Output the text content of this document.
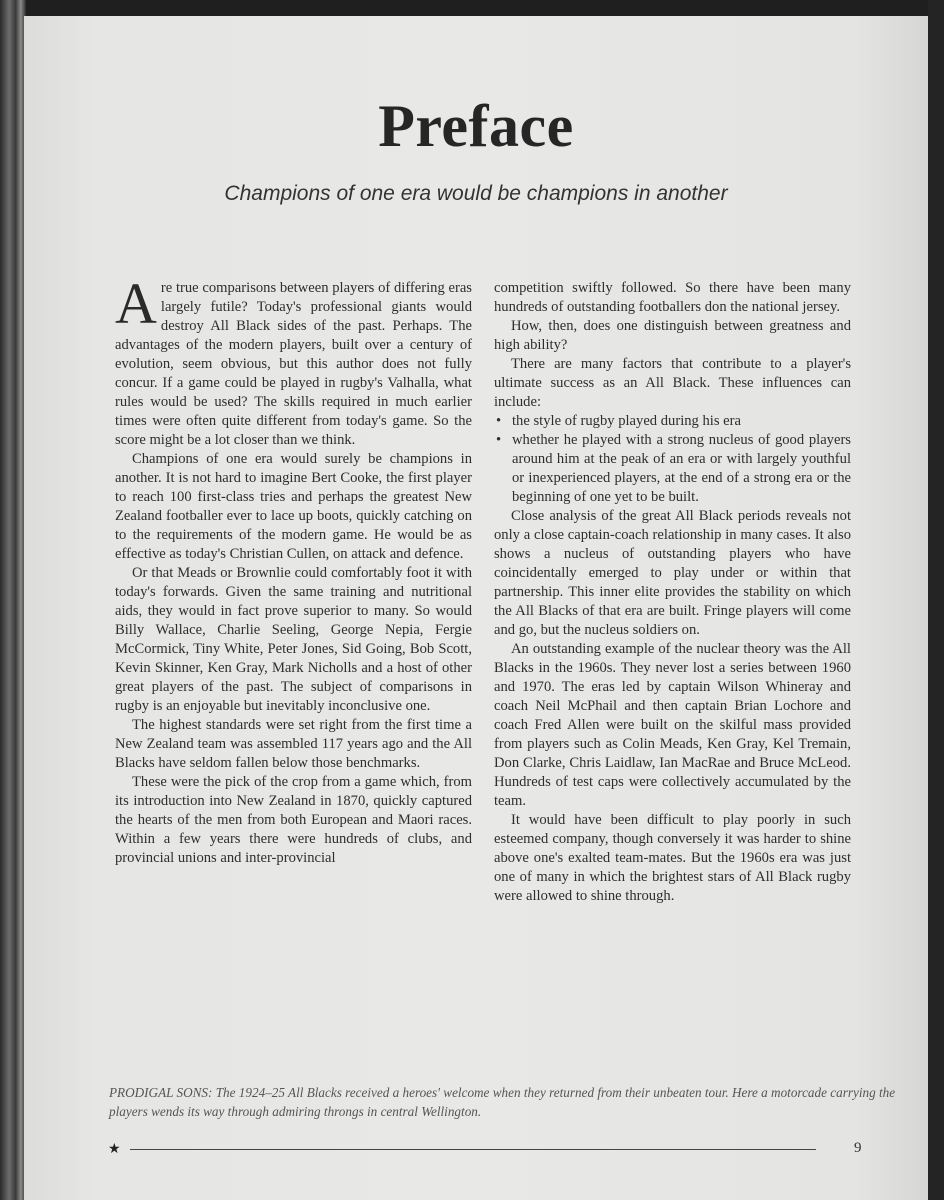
Preface
Champions of one era would be champions in another

Are true comparisons between players of differing eras largely futile? Today's professional giants would destroy All Black sides of the past. Perhaps. The advantages of the modern players, built over a century of evolution, seem obvious, but this author does not fully concur. If a game could be played in rugby's Valhalla, what rules would be used? The skills required in much earlier times were often quite different from today's game. So the score might be a lot closer than we think.

Champions of one era would surely be champions in another. It is not hard to imagine Bert Cooke, the first player to reach 100 first-class tries and perhaps the greatest New Zealand footballer ever to lace up boots, quickly catching on to the requirements of the modern game. He would be as effective as today's Christian Cullen, on attack and defence.

Or that Meads or Brownlie could comfortably foot it with today's forwards. Given the same training and nutritional aids, they would in fact prove superior to many. So would Billy Wallace, Charlie Seeling, George Nepia, Fergie McCormick, Tiny White, Peter Jones, Sid Going, Bob Scott, Kevin Skinner, Ken Gray, Mark Nicholls and a host of other great players of the past. The subject of comparisons in rugby is an enjoyable but inevitably inconclusive one.

The highest standards were set right from the first time a New Zealand team was assembled 117 years ago and the All Blacks have seldom fallen below those benchmarks.

These were the pick of the crop from a game which, from its introduction into New Zealand in 1870, quickly captured the hearts of the men from both European and Maori races. Within a few years there were hundreds of clubs, and provincial unions and inter-provincial

competition swiftly followed. So there have been many hundreds of outstanding footballers don the national jersey.

How, then, does one distinguish between greatness and high ability?

There are many factors that contribute to a player's ultimate success as an All Black. These influences can include:

• the style of rugby played during his era
• whether he played with a strong nucleus of good players around him at the peak of an era or with largely youthful or inexperienced players, at the end of a strong era or the beginning of one yet to be built.

Close analysis of the great All Black periods reveals not only a close captain-coach relationship in many cases. It also shows a nucleus of outstanding players who have coincidentally emerged to play under or within that partnership. This inner elite provides the stability on which the All Blacks of that era are built. Fringe players will come and go, but the nucleus soldiers on.

An outstanding example of the nuclear theory was the All Blacks in the 1960s. They never lost a series between 1960 and 1970. The eras led by captain Wilson Whineray and coach Neil McPhail and then captain Brian Lochore and coach Fred Allen were built on the skilful mass provided from players such as Colin Meads, Ken Gray, Kel Tremain, Don Clarke, Chris Laidlaw, Ian MacRae and Bruce McLeod. Hundreds of test caps were collectively accumulated by the team.

It would have been difficult to play poorly in such esteemed company, though conversely it was harder to shine above one's exalted team-mates. But the 1960s era was just one of many in which the brightest stars of All Black rugby were allowed to shine through.

PRODIGAL SONS: The 1924–25 All Blacks received a heroes' welcome when they returned from their unbeaten tour. Here a motorcade carrying the players wends its way through admiring throngs in central Wellington.
★	9
